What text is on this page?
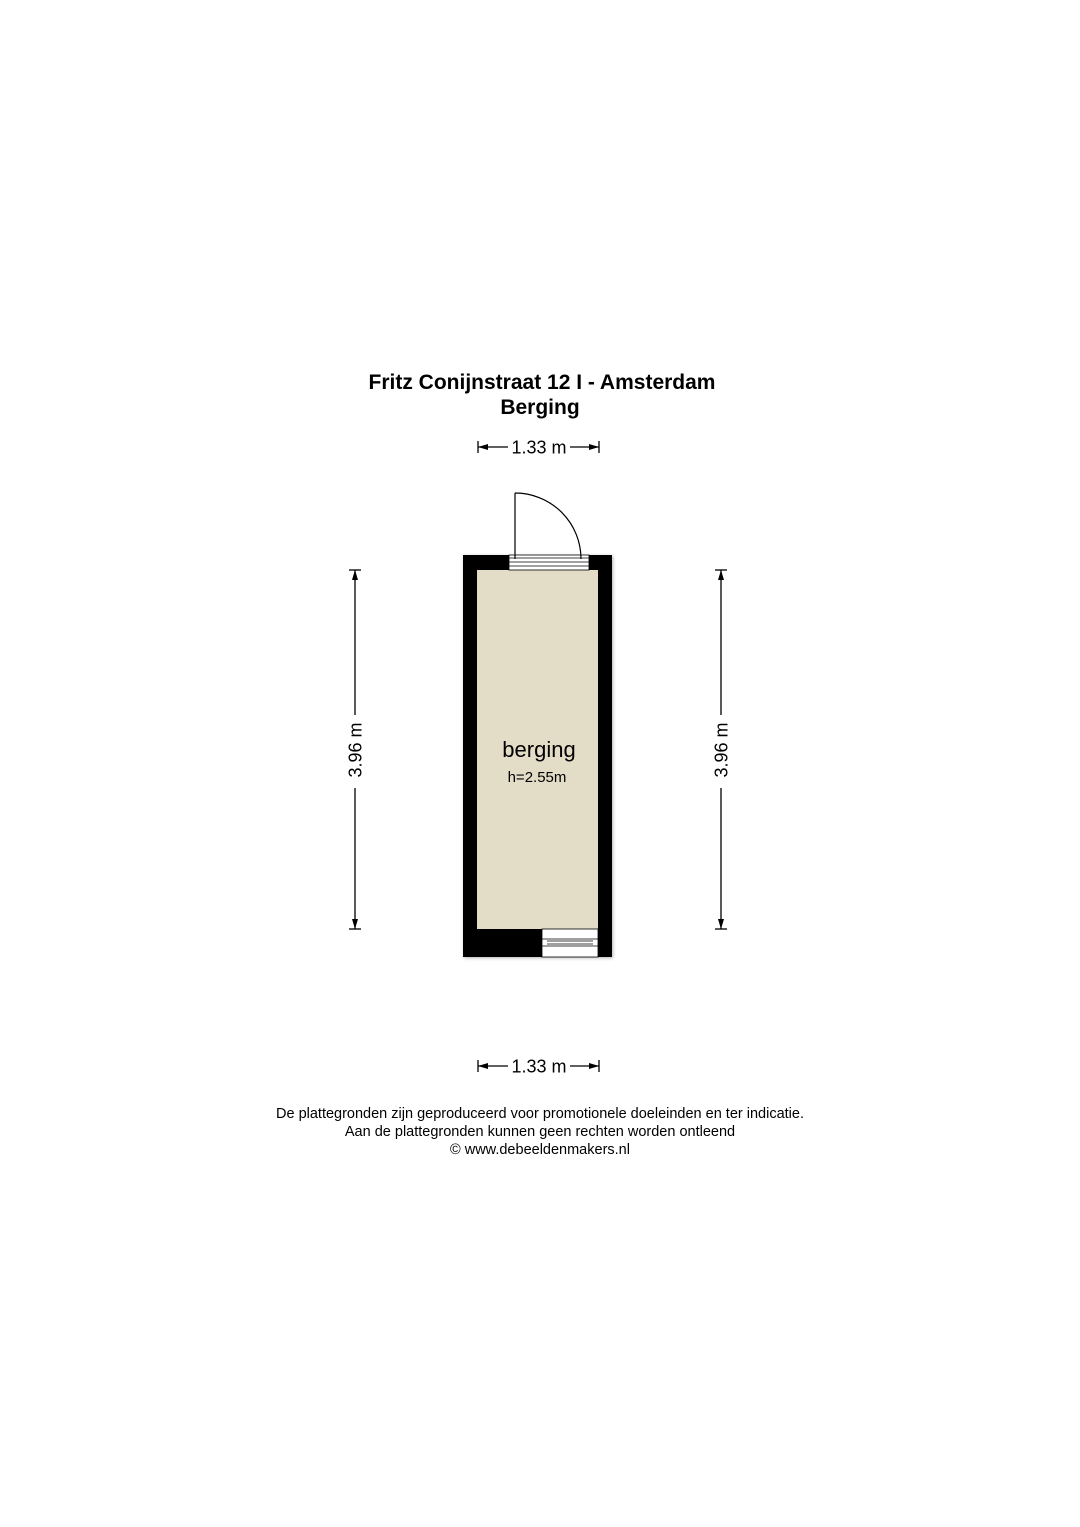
Fritz Conijnstraat 12 I - Amsterdam
Berging
1.33 m
1.33 m
3.96 m	3.96 m
berging
h=2.55m
De plattegronden zijn geproduceerd voor promotionele doeleinden en ter indicatie.
Aan de plattegronden kunnen geen rechten worden ontleend
© www.debeeldenmakers.nl
